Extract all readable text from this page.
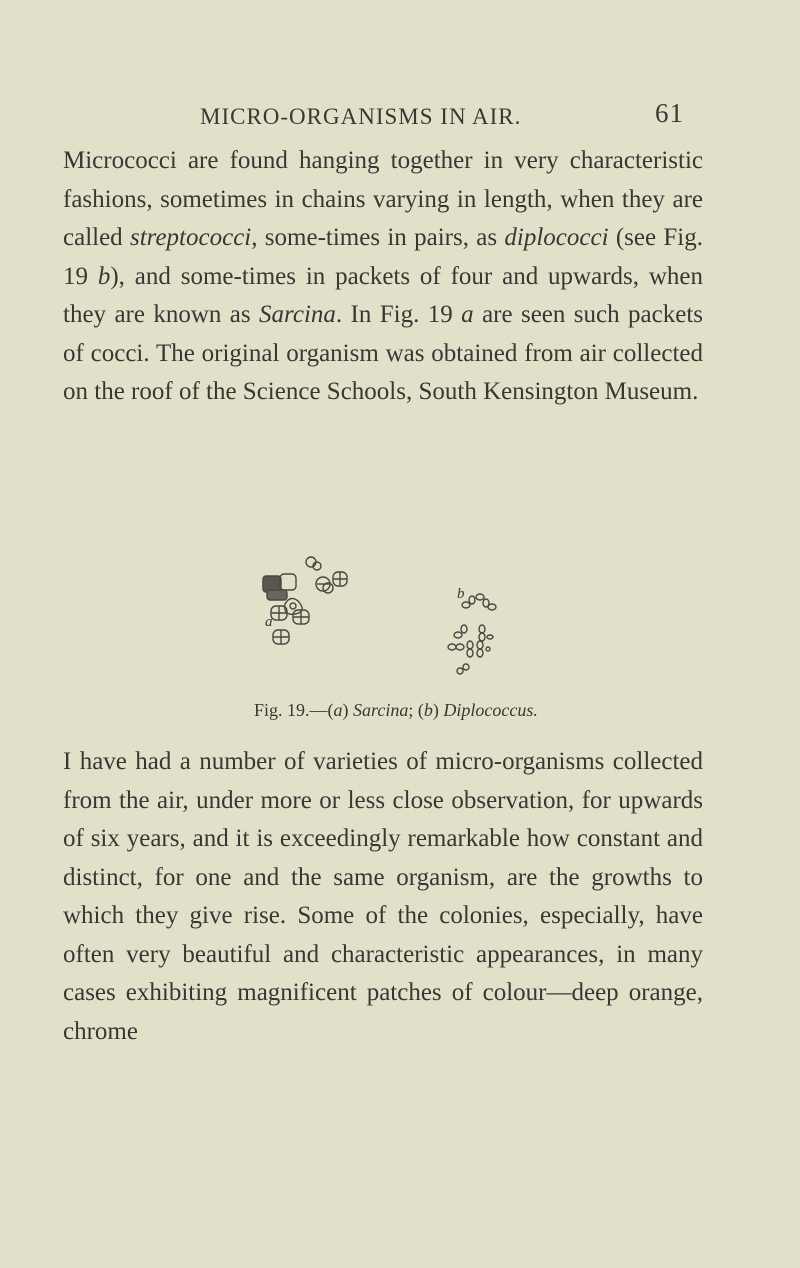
MICRO-ORGANISMS IN AIR.	61

Micrococci are found hanging together in very characteristic fashions, sometimes in chains varying in length, when they are called streptococci, some-times in pairs, as diplococci (see Fig. 19 b), and some-times in packets of four and upwards, when they are known as Sarcina. In Fig. 19 a are seen such packets of cocci. The original organism was obtained from air collected on the roof of the Science Schools, South Kensington Museum.

a
b
Fig. 19.—(a) Sarcina; (b) Diplococcus.

I have had a number of varieties of micro-organisms collected from the air, under more or less close observation, for upwards of six years, and it is exceedingly remarkable how constant and distinct, for one and the same organism, are the growths to which they give rise. Some of the colonies, especially, have often very beautiful and characteristic appearances, in many cases exhibiting magnificent patches of colour—deep orange, chrome
